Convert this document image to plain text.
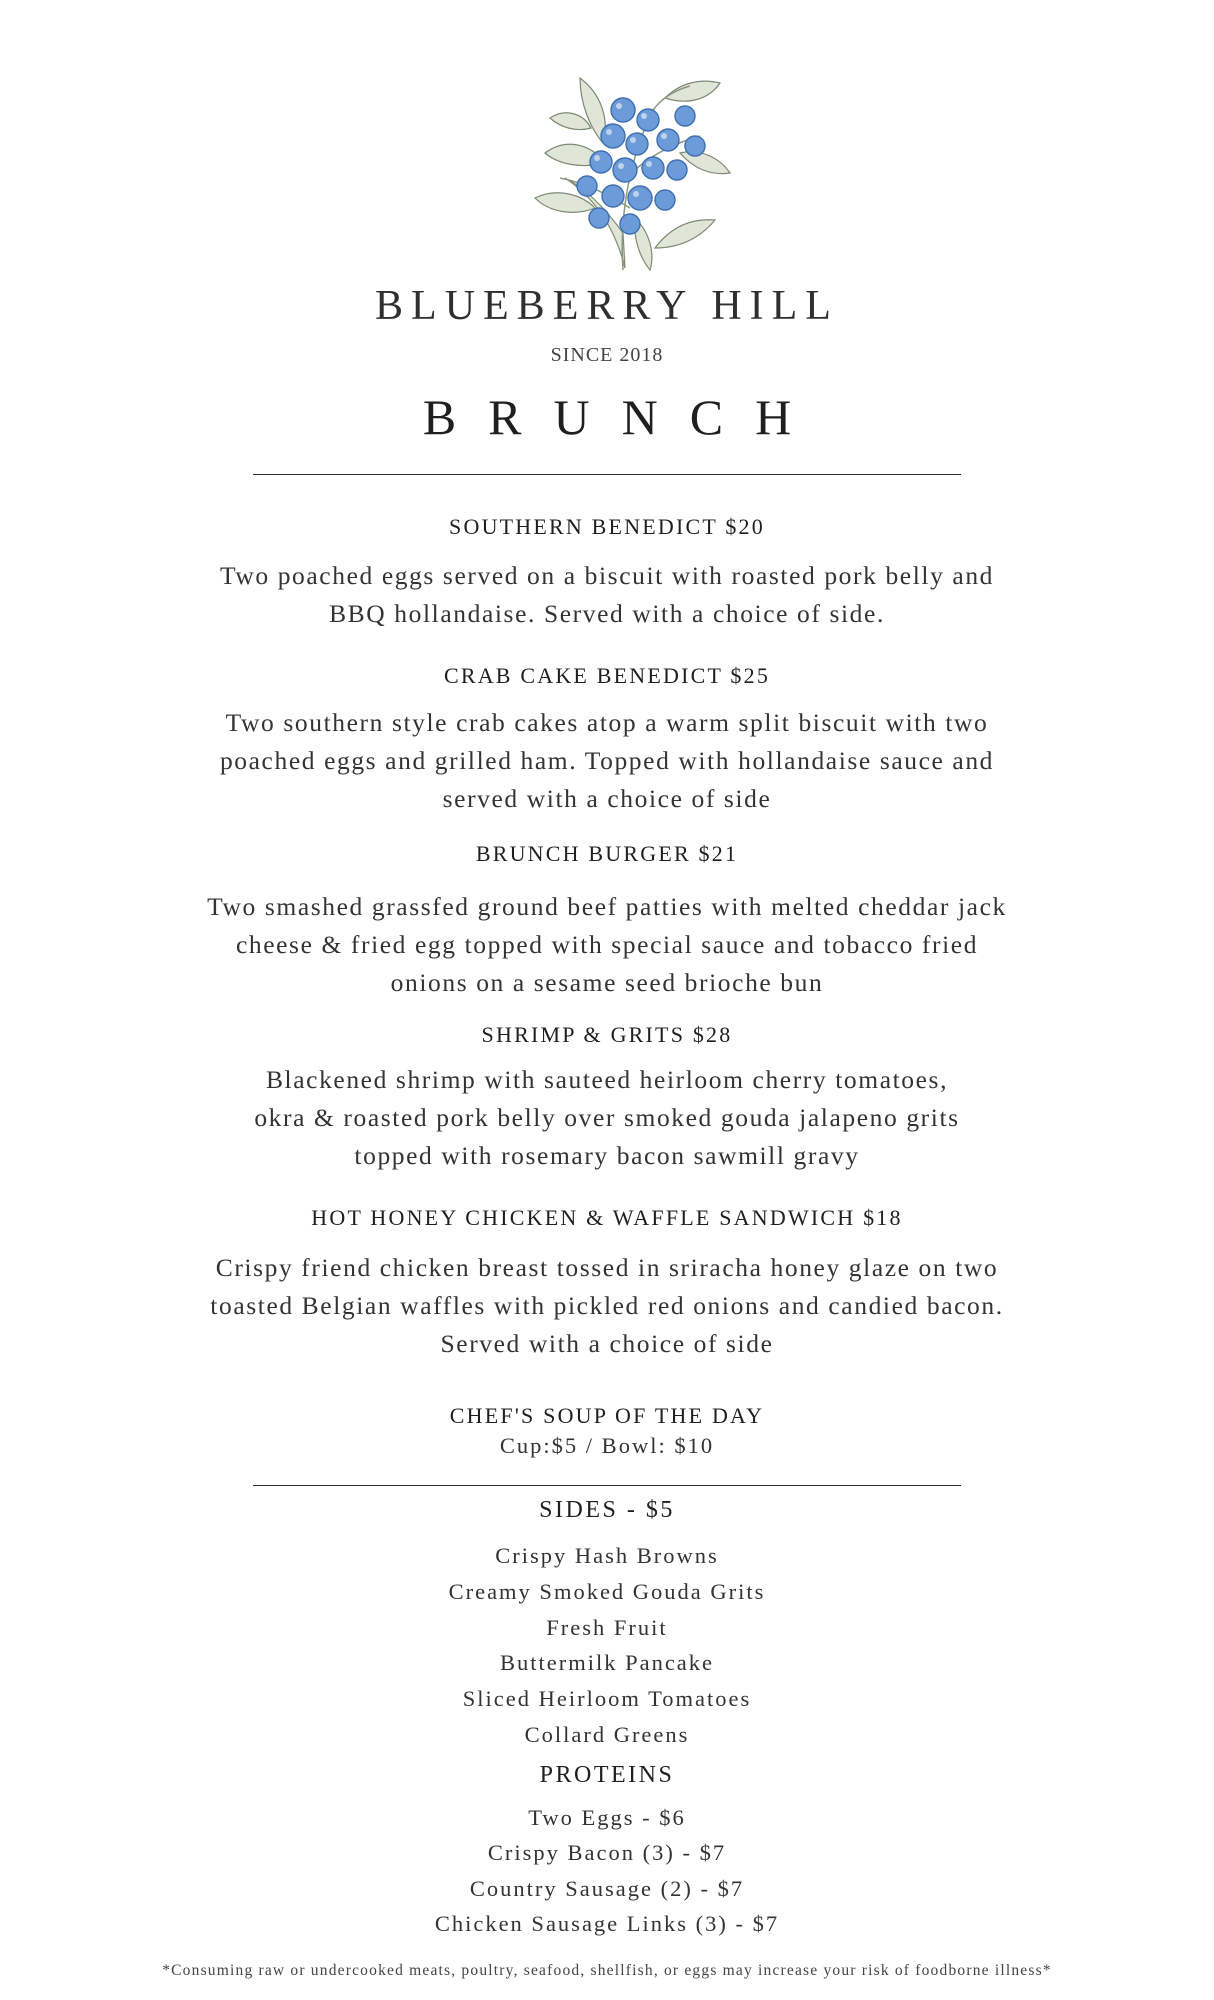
BLUEBERRY HILL
SINCE 2018
BRUNCH
SOUTHERN BENEDICT $20
Two poached eggs served on a biscuit with roasted pork belly and
BBQ hollandaise. Served with a choice of side.
CRAB CAKE BENEDICT $25
Two southern style crab cakes atop a warm split biscuit with two
poached eggs and grilled ham. Topped with hollandaise sauce and
served with a choice of side
BRUNCH BURGER $21
Two smashed grassfed ground beef patties with melted cheddar jack
cheese & fried egg topped with special sauce and tobacco fried
onions on a sesame seed brioche bun
SHRIMP & GRITS $28
Blackened shrimp with sauteed heirloom cherry tomatoes,
okra & roasted pork belly over smoked gouda jalapeno grits
topped with rosemary bacon sawmill gravy
HOT HONEY CHICKEN & WAFFLE SANDWICH $18
Crispy friend chicken breast tossed in sriracha honey glaze on two
toasted Belgian waffles with pickled red onions and candied bacon.
Served with a choice of side
CHEF'S SOUP OF THE DAY
Cup:$5 / Bowl: $10
SIDES - $5
Crispy Hash Browns
Creamy Smoked Gouda Grits
Fresh Fruit
Buttermilk Pancake
Sliced Heirloom Tomatoes
Collard Greens
PROTEINS
Two Eggs - $6
Crispy Bacon (3) - $7
Country Sausage (2) - $7
Chicken Sausage Links (3) - $7
*Consuming raw or undercooked meats, poultry, seafood, shellfish, or eggs may increase your risk of foodborne illness*
